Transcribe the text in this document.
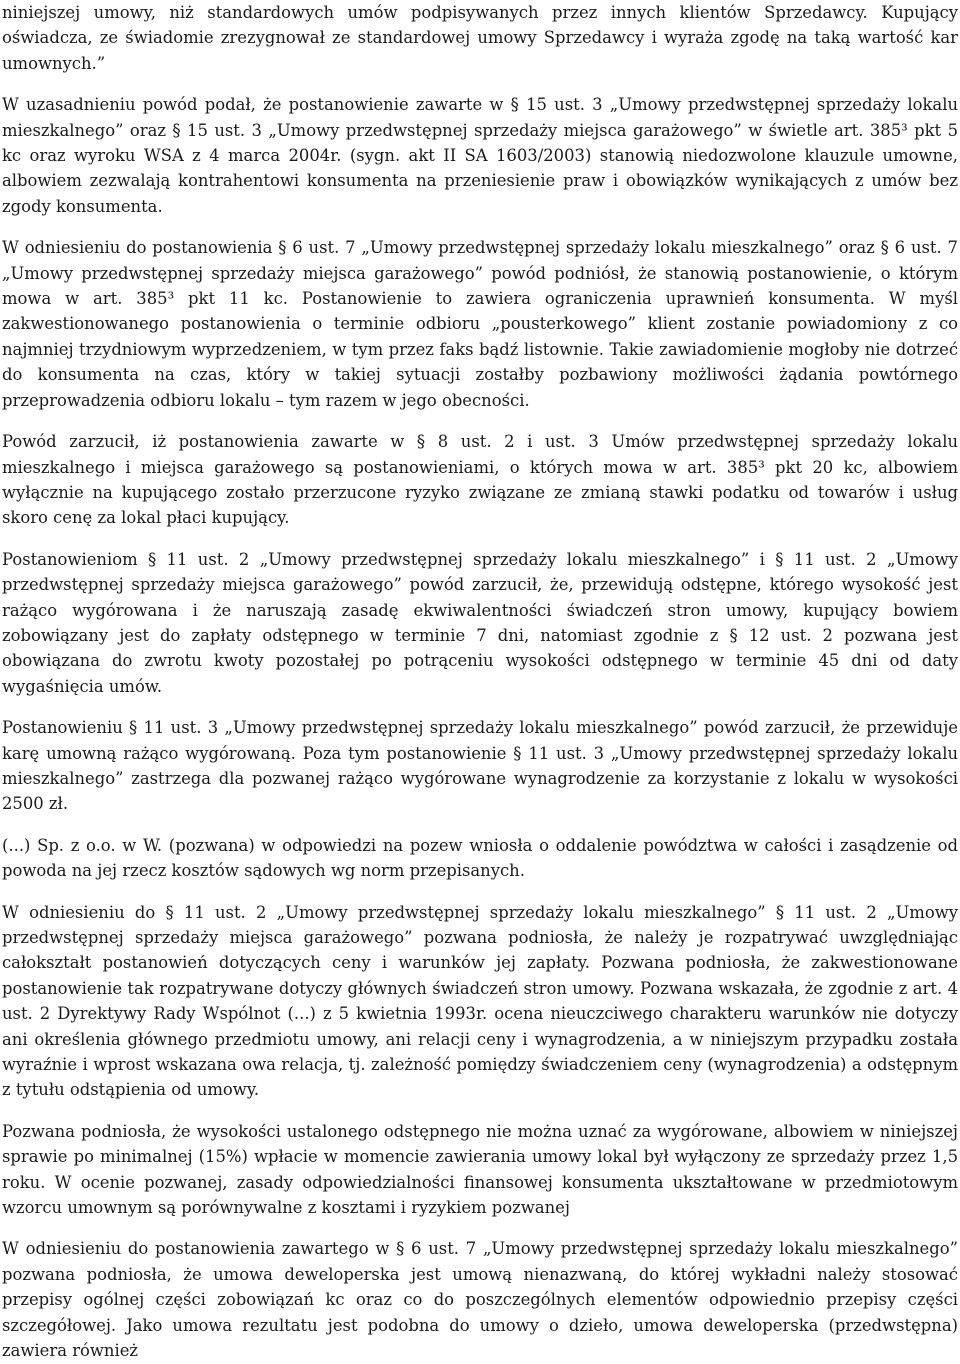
niniejszej umowy, niż standardowych umów podpisywanych przez innych klientów Sprzedawcy. Kupujący oświadcza, ze świadomie zrezygnował ze standardowej umowy Sprzedawcy i wyraża zgodę na taką wartość kar umownych.”

W uzasadnieniu powód podał, że postanowienie zawarte w § 15 ust. 3 „Umowy przedwstępnej sprzedaży lokalu mieszkalnego” oraz § 15 ust. 3 „Umowy przedwstępnej sprzedaży miejsca garażowego” w świetle art. 385³ pkt 5 kc oraz wyroku WSA z 4 marca 2004r. (sygn. akt II SA 1603/2003) stanowią niedozwolone klauzule umowne, albowiem zezwalają kontrahentowi konsumenta na przeniesienie praw i obowiązków wynikających z umów bez zgody konsumenta.

W odniesieniu do postanowienia § 6 ust. 7 „Umowy przedwstępnej sprzedaży lokalu mieszkalnego” oraz § 6 ust. 7 „Umowy przedwstępnej sprzedaży miejsca garażowego” powód podniósł, że stanowią postanowienie, o którym mowa w art. 385³ pkt 11 kc. Postanowienie to zawiera ograniczenia uprawnień konsumenta. W myśl zakwestionowanego postanowienia o terminie odbioru „pousterkowego” klient zostanie powiadomiony z co najmniej trzydniowym wyprzedzeniem, w tym przez faks bądź listownie. Takie zawiadomienie mogłoby nie dotrzeć do konsumenta na czas, który w takiej sytuacji zostałby pozbawiony możliwości żądania powtórnego przeprowadzenia odbioru lokalu – tym razem w jego obecności.

Powód zarzucił, iż postanowienia zawarte w § 8 ust. 2 i ust. 3 Umów przedwstępnej sprzedaży lokalu mieszkalnego i miejsca garażowego są postanowieniami, o których mowa w art. 385³ pkt 20 kc, albowiem wyłącznie na kupującego zostało przerzucone ryzyko związane ze zmianą stawki podatku od towarów i usług skoro cenę za lokal płaci kupujący.

Postanowieniom § 11 ust. 2 „Umowy przedwstępnej sprzedaży lokalu mieszkalnego” i § 11 ust. 2 „Umowy przedwstępnej sprzedaży miejsca garażowego” powód zarzucił, że, przewidują odstępne, którego wysokość jest rażąco wygórowana i że naruszają zasadę ekwiwalentności świadczeń stron umowy, kupujący bowiem zobowiązany jest do zapłaty odstępnego w terminie 7 dni, natomiast zgodnie z § 12 ust. 2 pozwana jest obowiązana do zwrotu kwoty pozostałej po potrąceniu wysokości odstępnego w terminie 45 dni od daty wygaśnięcia umów.

Postanowieniu § 11 ust. 3 „Umowy przedwstępnej sprzedaży lokalu mieszkalnego” powód zarzucił, że przewiduje karę umowną rażąco wygórowaną. Poza tym postanowienie § 11 ust. 3 „Umowy przedwstępnej sprzedaży lokalu mieszkalnego” zastrzega dla pozwanej rażąco wygórowane wynagrodzenie za korzystanie z lokalu w wysokości 2500 zł.

(...) Sp. z o.o. w W. (pozwana) w odpowiedzi na pozew wniosła o oddalenie powództwa w całości i zasądzenie od powoda na jej rzecz kosztów sądowych wg norm przepisanych.

W odniesieniu do § 11 ust. 2 „Umowy przedwstępnej sprzedaży lokalu mieszkalnego” § 11 ust. 2 „Umowy przedwstępnej sprzedaży miejsca garażowego” pozwana podniosła, że należy je rozpatrywać uwzględniając całokształt postanowień dotyczących ceny i warunków jej zapłaty. Pozwana podniosła, że zakwestionowane postanowienie tak rozpatrywane dotyczy głównych świadczeń stron umowy. Pozwana wskazała, że zgodnie z art. 4 ust. 2 Dyrektywy Rady Wspólnot (...) z 5 kwietnia 1993r. ocena nieuczciwego charakteru warunków nie dotyczy ani określenia głównego przedmiotu umowy, ani relacji ceny i wynagrodzenia, a w niniejszym przypadku została wyraźnie i wprost wskazana owa relacja, tj. zależność pomiędzy świadczeniem ceny (wynagrodzenia) a odstępnym z tytułu odstąpienia od umowy.

Pozwana podniosła, że wysokości ustalonego odstępnego nie można uznać za wygórowane, albowiem w niniejszej sprawie po minimalnej (15%) wpłacie w momencie zawierania umowy lokal był wyłączony ze sprzedaży przez 1,5 roku. W ocenie pozwanej, zasady odpowiedzialności finansowej konsumenta ukształtowane w przedmiotowym wzorcu umownym są porównywalne z kosztami i ryzykiem pozwanej

W odniesieniu do postanowienia zawartego w § 6 ust. 7 „Umowy przedwstępnej sprzedaży lokalu mieszkalnego” pozwana podniosła, że umowa deweloperska jest umową nienazwaną, do której wykładni należy stosować przepisy ogólnej części zobowiązań kc oraz co do poszczególnych elementów odpowiednio przepisy części szczegółowej. Jako umowa rezultatu jest podobna do umowy o dzieło, umowa deweloperska (przedwstępna) zawiera również
